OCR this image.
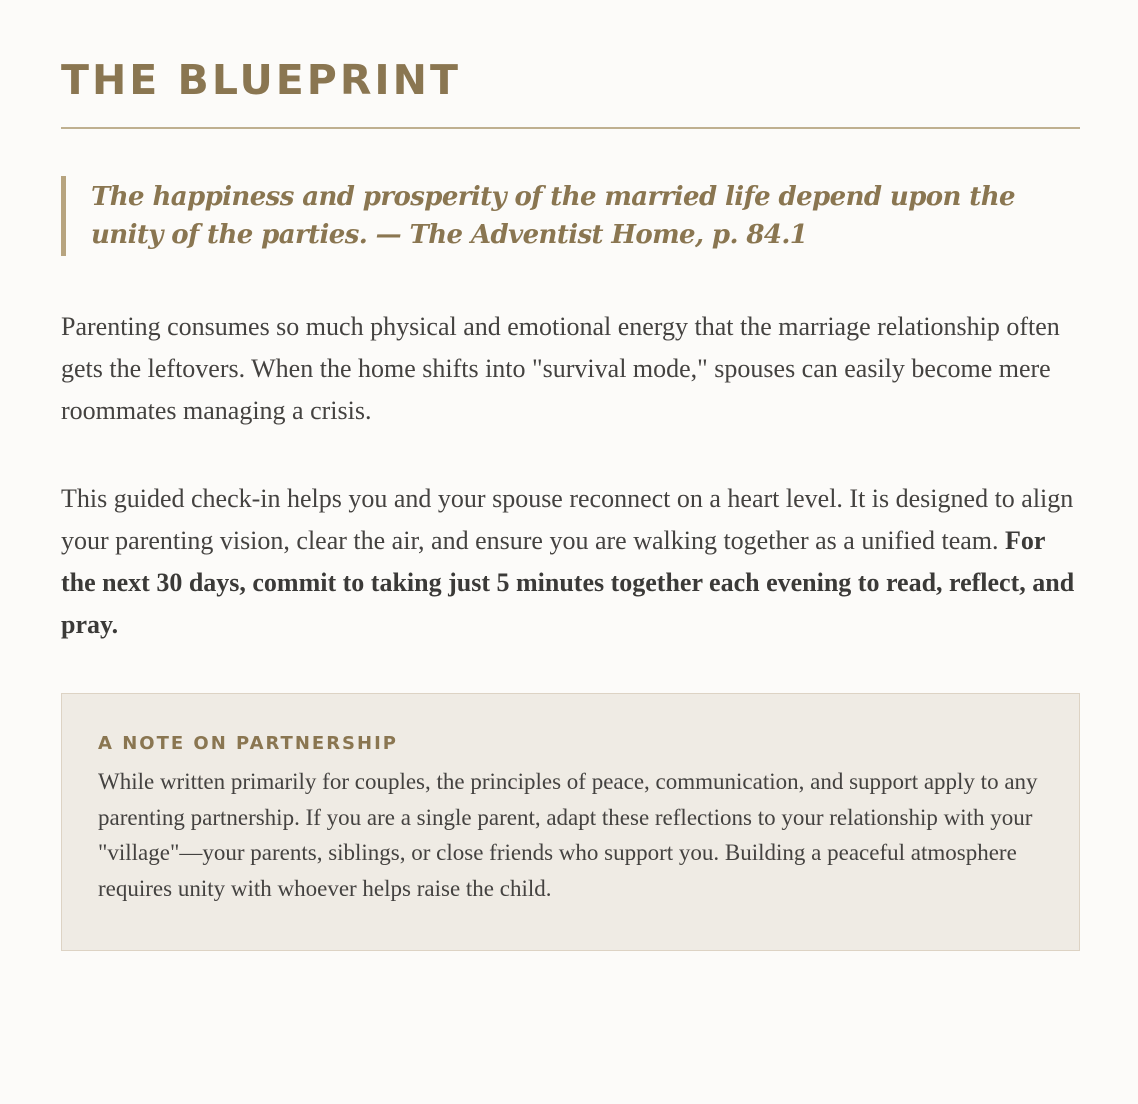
THE BLUEPRINT
The happiness and prosperity of the married life depend upon the unity of the parties. — The Adventist Home, p. 84.1

Parenting consumes so much physical and emotional energy that the marriage relationship often gets the leftovers. When the home shifts into "survival mode," spouses can easily become mere roommates managing a crisis.

This guided check-in helps you and your spouse reconnect on a heart level. It is designed to align your parenting vision, clear the air, and ensure you are walking together as a unified team. For the next 30 days, commit to taking just 5 minutes together each evening to read, reflect, and pray.

A NOTE ON PARTNERSHIP

While written primarily for couples, the principles of peace, communication, and support apply to any parenting partnership. If you are a single parent, adapt these reflections to your relationship with your "village"—your parents, siblings, or close friends who support you. Building a peaceful atmosphere requires unity with whoever helps raise the child.
